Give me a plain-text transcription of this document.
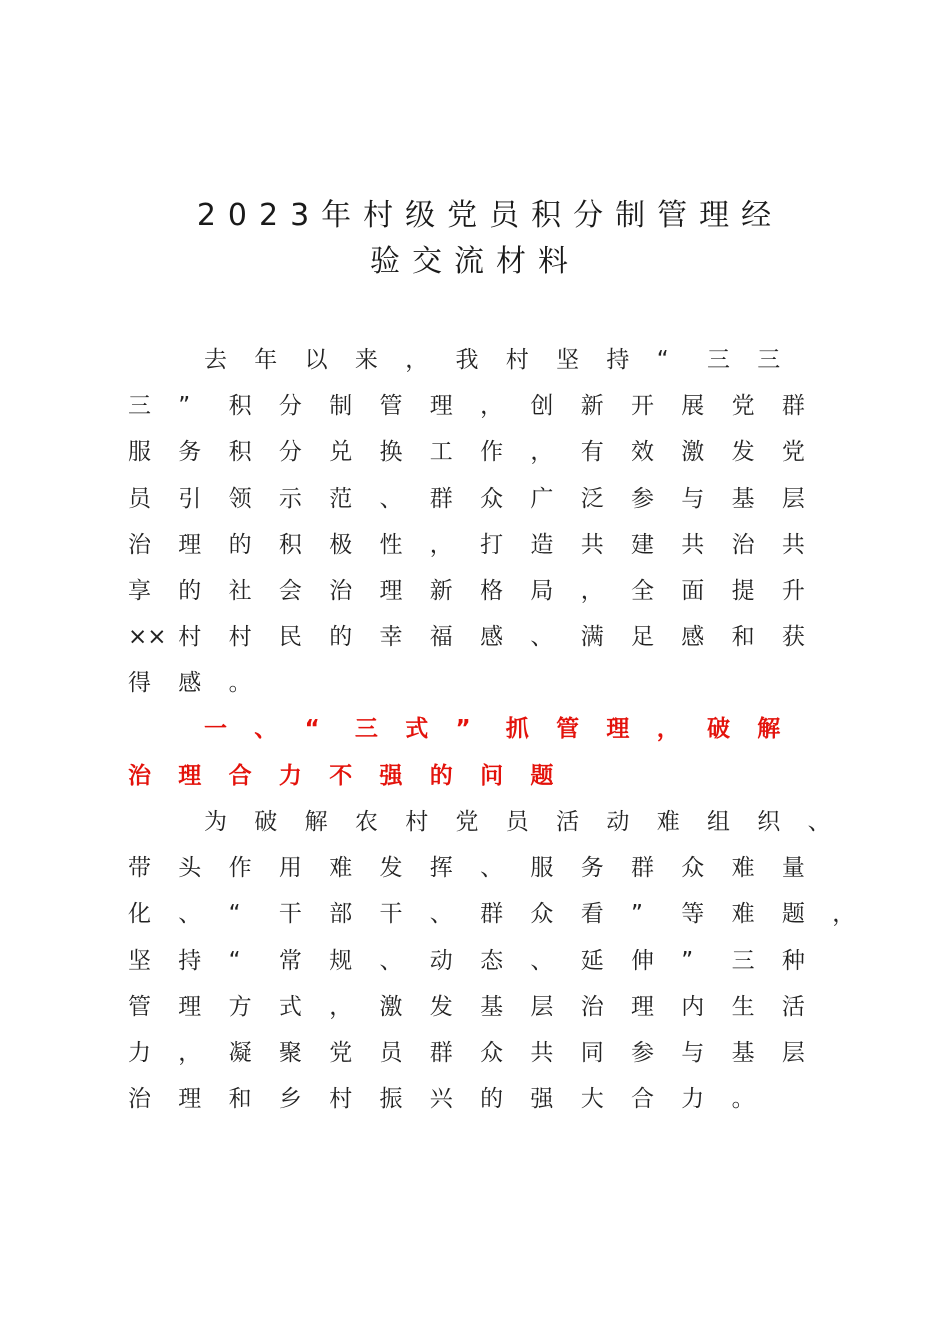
2023年村级党员积分制管理经
验交流材料
去 年 以 来 ， 我 村 坚 持 “ 三 三
三 ” 积 分 制 管 理 ， 创 新 开 展 党 群
服 务 积 分 兑 换 工 作 ， 有 效 激 发 党
员 引 领 示 范 、 群 众 广 泛 参 与 基 层
治 理 的 积 极 性 ， 打 造 共 建 共 治 共
享 的 社 会 治 理 新 格 局 ， 全 面 提 升
×× 村 村 民 的 幸 福 感 、 满 足 感 和 获
得 感 。
一 、 “ 三 式 ” 抓 管 理 ， 破 解
治 理 合 力 不 强 的 问 题
为 破 解 农 村 党 员 活 动 难 组 织 、
带 头 作 用 难 发 挥 、 服 务 群 众 难 量
化 、 “ 干 部 干 、 群 众 看 ” 等 难 题 ，
坚 持 “ 常 规 、 动 态 、 延 伸 ” 三 种
管 理 方 式 ， 激 发 基 层 治 理 内 生 活
力 ， 凝 聚 党 员 群 众 共 同 参 与 基 层
治 理 和 乡 村 振 兴 的 强 大 合 力 。
